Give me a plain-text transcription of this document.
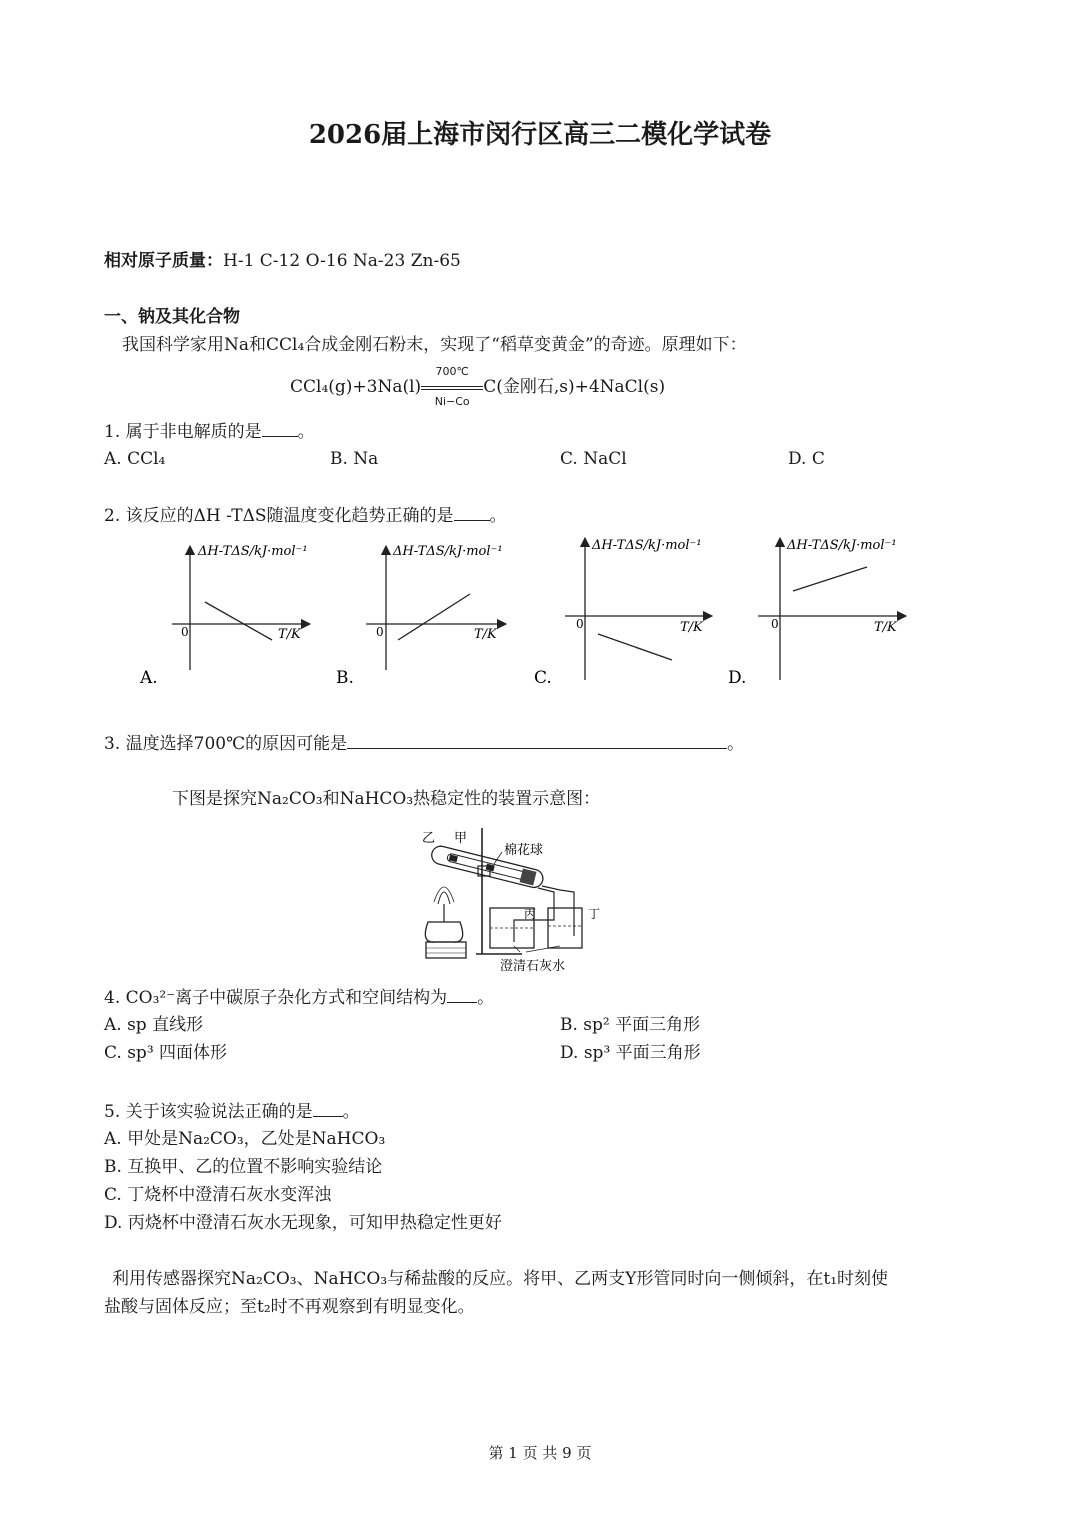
2026届上海市闵行区高三二模化学试卷
相对原子质量：H-1 C-12 O-16 Na-23 Zn-65
一、钠及其化合物
我国科学家用Na和CCl₄合成金刚石粉末，实现了“稻草变黄金”的奇迹。原理如下：
$CCl_4(g)+3Na(l) \frac{700℃}{Ni-Co} C$(金刚石,s)+4NaCl(s)
1. 属于非电解质的是 。
A. CCl₄	B. Na	C. NaCl	D. C
2. 该反应的ΔH -TΔS随温度变化趋势正确的是 。
ΔH-TΔS/kJ·mol⁻¹
0	T/K
A.
ΔH-TΔS/kJ·mol⁻¹
0	T/K
B.
ΔH-TΔS/kJ·mol⁻¹
0	T/K
C.
ΔH-TΔS/kJ·mol⁻¹
0	T/K
D.
3. 温度选择700℃的原因可能是	。
下图是探究Na₂CO₃和NaHCO₃热稳定性的装置示意图：
乙 甲
棉花球
丙	丁
澄清石灰水
4. CO₃²⁻离子中碳原子杂化方式和空间结构为 。
A. sp 直线形	B. sp² 平面三角形
C. sp³ 四面体形	D. sp³ 平面三角形
5. 关于该实验说法正确的是 。
A. 甲处是Na₂CO₃，乙处是NaHCO₃
B. 互换甲、乙的位置不影响实验结论
C. 丁烧杯中澄清石灰水变浑浊
D. 丙烧杯中澄清石灰水无现象，可知甲热稳定性更好
利用传感器探究Na₂CO₃、NaHCO₃与稀盐酸的反应。将甲、乙两支Y形管同时向一侧倾斜，在t₁时刻使
盐酸与固体反应；至t₂时不再观察到有明显变化。
第 1 页 共 9 页
